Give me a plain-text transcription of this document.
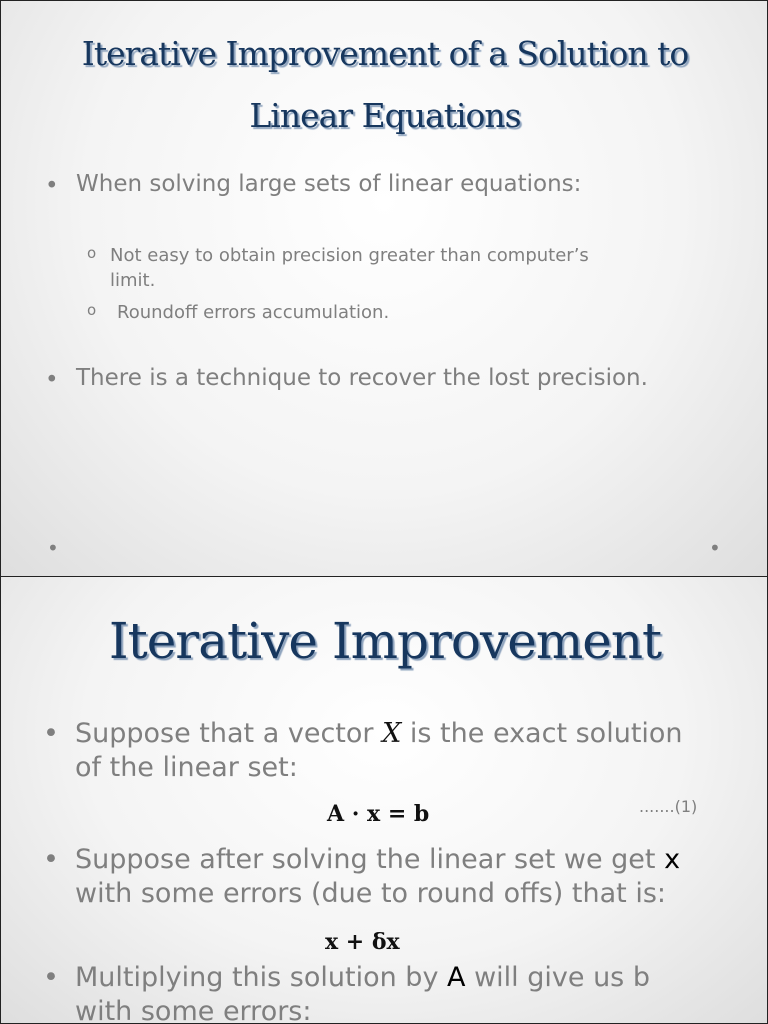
Iterative Improvement of a Solution to
Linear Equations
• When solving large sets of linear equations:
o Not easy to obtain precision greater than computer’s
limit.
o Roundoff errors accumulation.
• There is a technique to recover the lost precision.
•	•
Iterative Improvement
• Suppose that a vector X is the exact solution
of the linear set:
A · x = b	.......(1)
• Suppose after solving the linear set we get x
with some errors (due to round offs) that is:
x + δx
• Multiplying this solution by A will give us b
with some errors:
